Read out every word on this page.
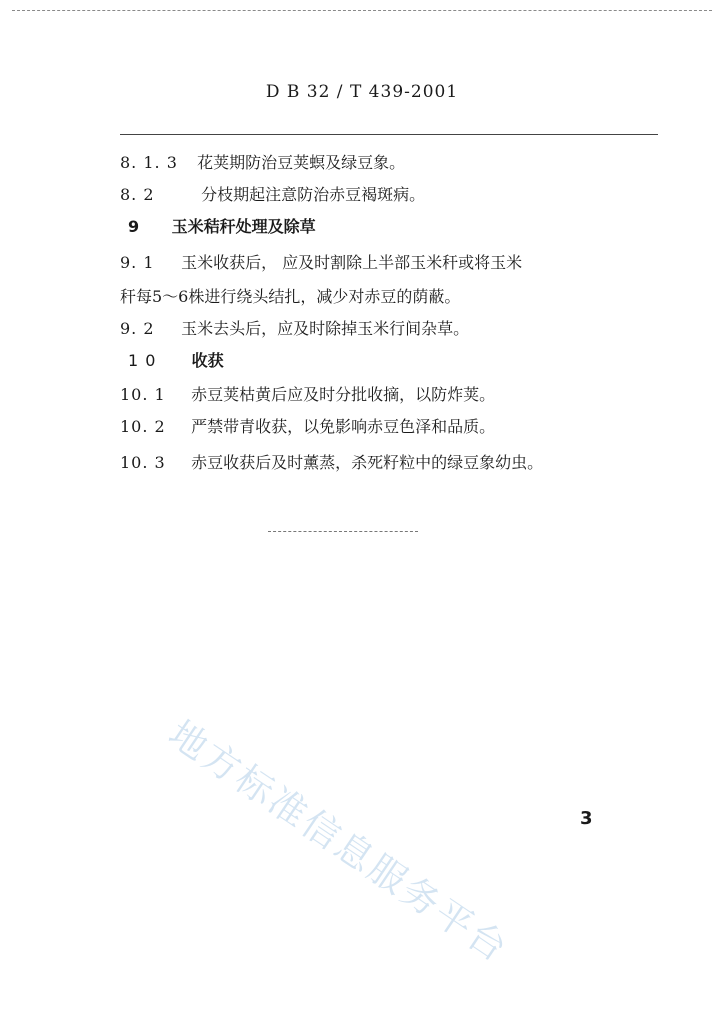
D B 32 / T 439-2001
8. 1. 3 花荚期防治豆荚螟及绿豆象。
8. 2	分枝期起注意防治赤豆褐斑病。
9 玉米秸秆处理及除草
9. 1 玉米收获后， 应及时割除上半部玉米秆或将玉米
秆每5～6株进行绕头结扎，减少对赤豆的荫蔽。
9. 2 玉米去头后，应及时除掉玉米行间杂草。
1 0 收获
10. 1 赤豆荚枯黄后应及时分批收摘，以防炸荚。
10. 2 严禁带青收获，以免影响赤豆色泽和品质。
10. 3 赤豆收获后及时薰蒸，杀死籽粒中的绿豆象幼虫。
地方标准信息服务平台	3
